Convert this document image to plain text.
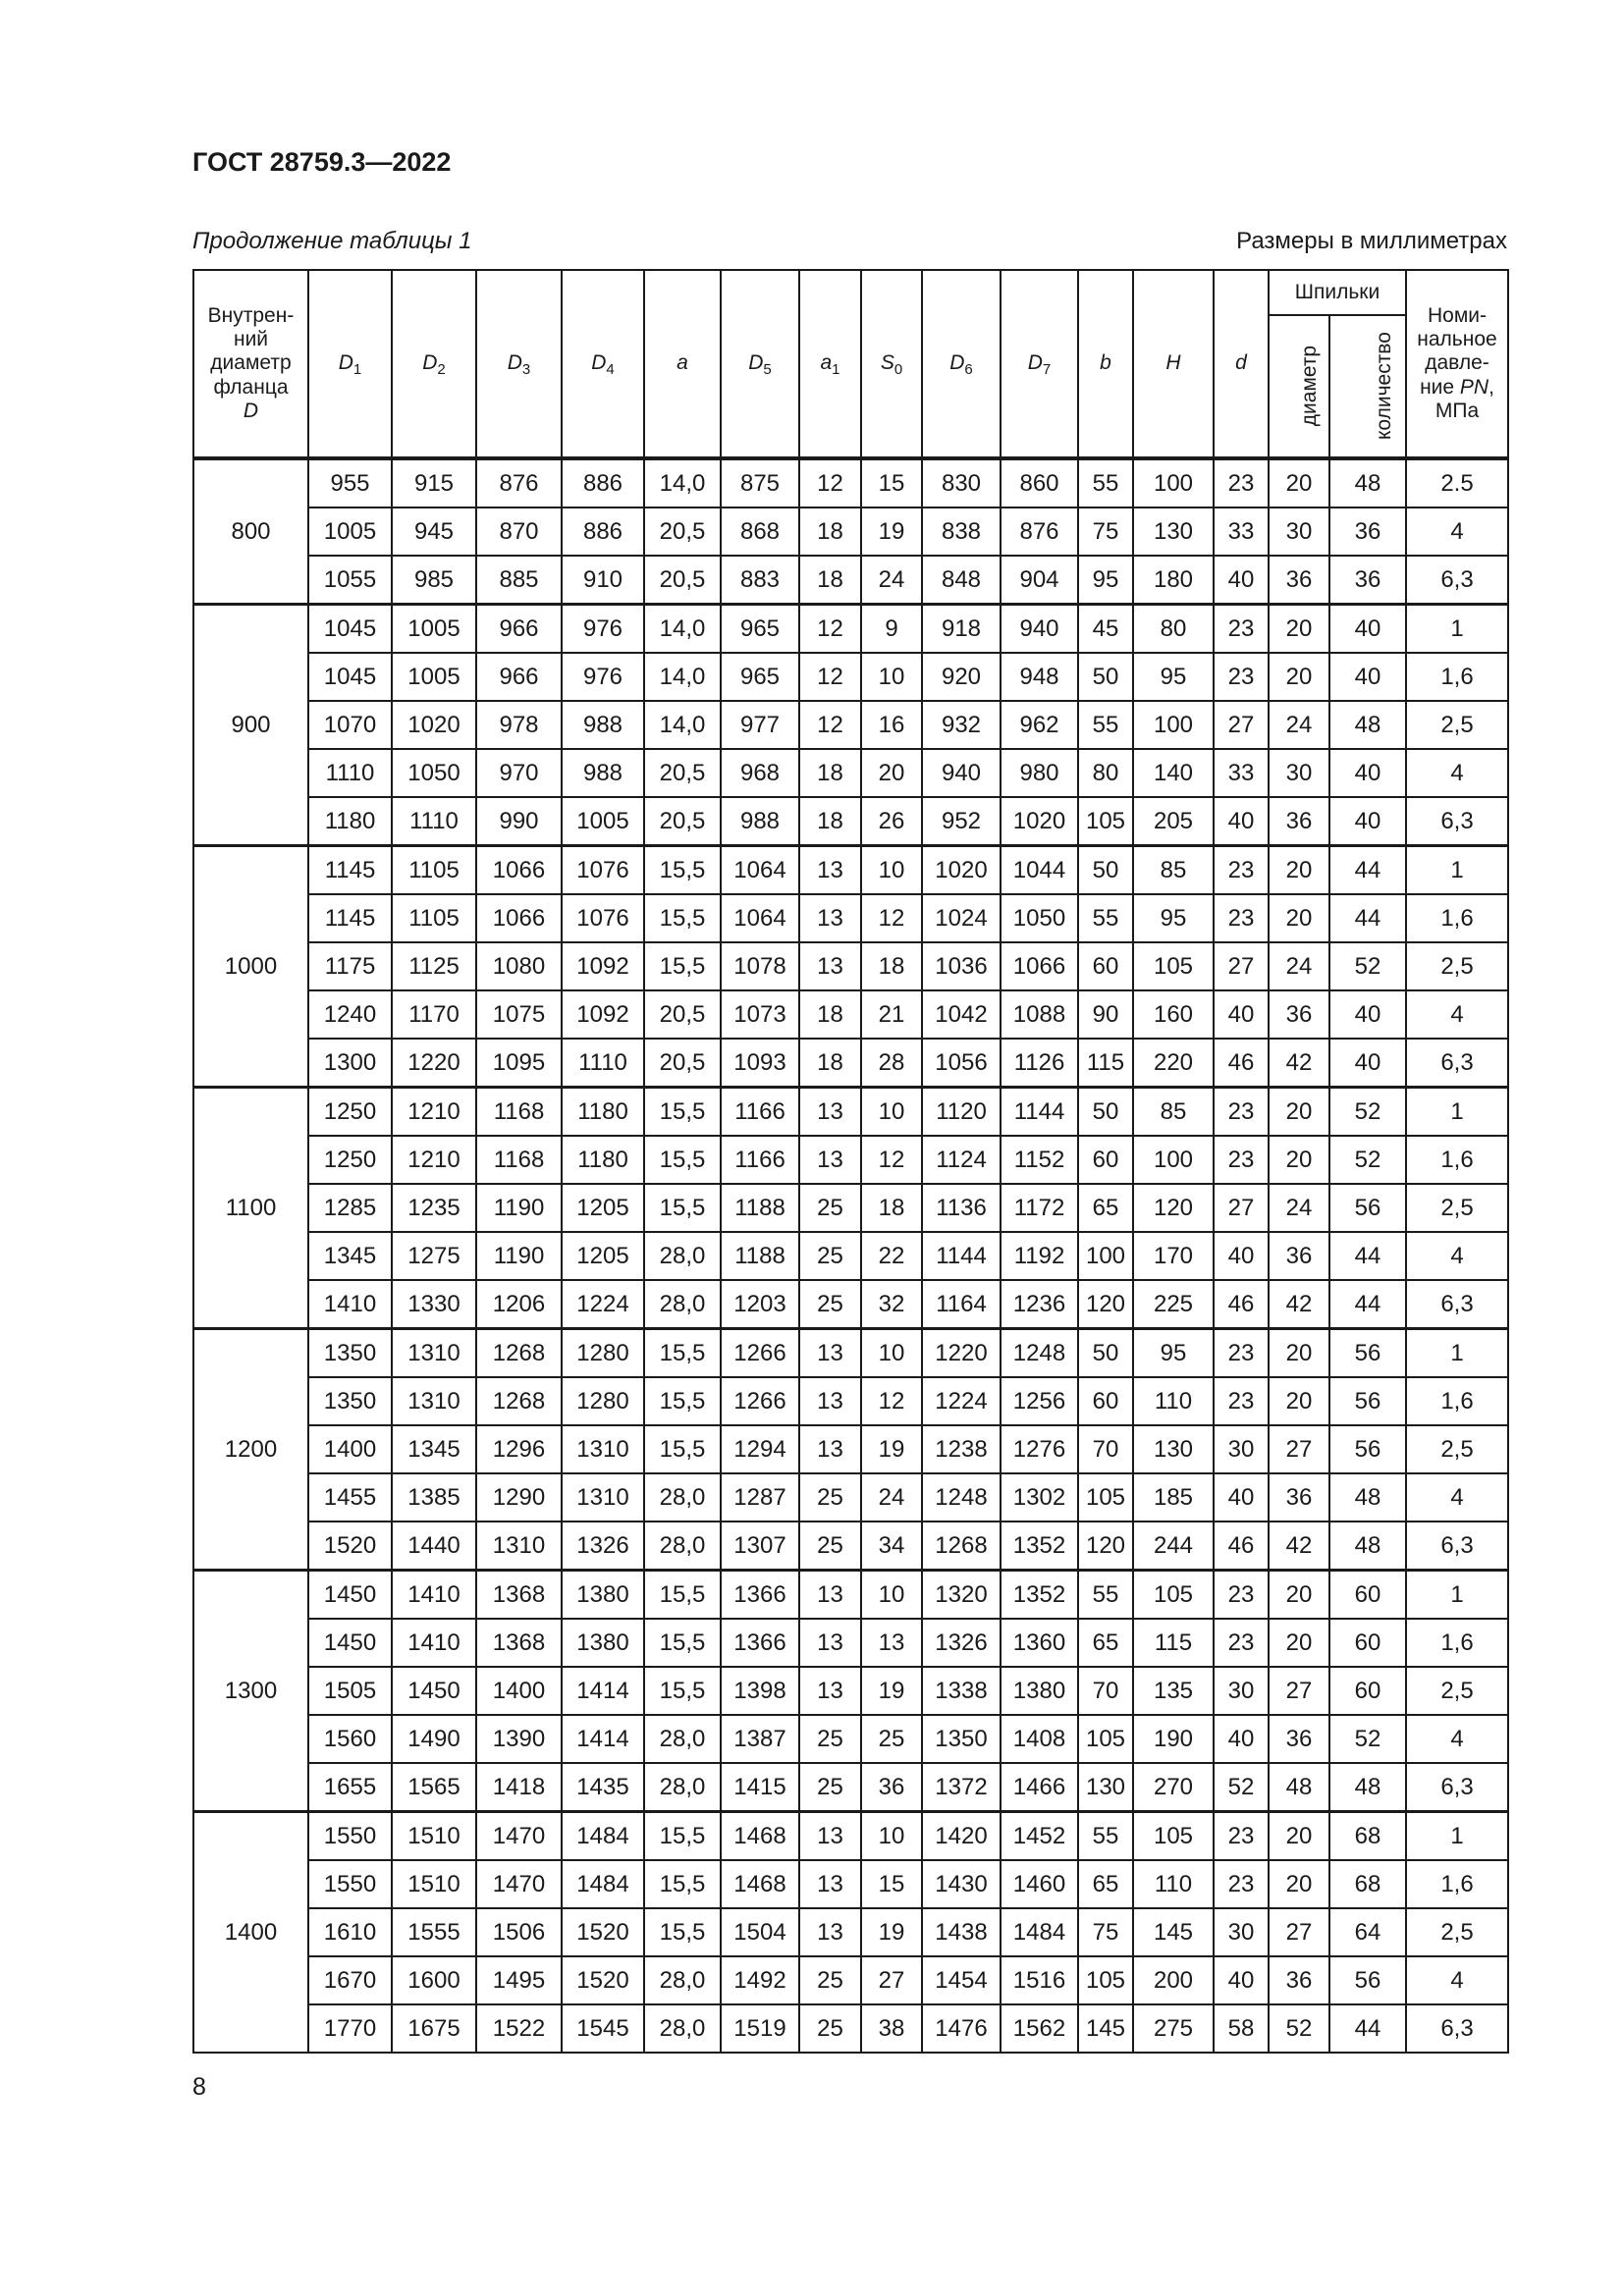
ГОСТ 28759.3—2022
Продолжение таблицы 1	Размеры в миллиметрах
Внутрен-
ний
диаметр
фланца
D	$D_1$	$D_2$	$D_3$	$D_4$	a	$D_5$	$a_1$	$S_0$	$D_6$	$D_7$	b	H	d	Шпильки		Номи-
нальное
давле-
ние PN,
МПа
														диаметр	количество	
800	955	915	876	886	14,0	875	12	15	830	860	55	100	23	20	48	2.5
	1005	945	870	886	20,5	868	18	19	838	876	75	130	33	30	36	4
	1055	985	885	910	20,5	883	18	24	848	904	95	180	40	36	36	6,3
900	1045	1005	966	976	14,0	965	12	9	918	940	45	80	23	20	40	1
	1045	1005	966	976	14,0	965	12	10	920	948	50	95	23	20	40	1,6
	1070	1020	978	988	14,0	977	12	16	932	962	55	100	27	24	48	2,5
	1110	1050	970	988	20,5	968	18	20	940	980	80	140	33	30	40	4
	1180	1110	990	1005	20,5	988	18	26	952	1020	105	205	40	36	40	6,3
1000	1145	1105	1066	1076	15,5	1064	13	10	1020	1044	50	85	23	20	44	1
	1145	1105	1066	1076	15,5	1064	13	12	1024	1050	55	95	23	20	44	1,6
	1175	1125	1080	1092	15,5	1078	13	18	1036	1066	60	105	27	24	52	2,5
	1240	1170	1075	1092	20,5	1073	18	21	1042	1088	90	160	40	36	40	4
	1300	1220	1095	1110	20,5	1093	18	28	1056	1126	115	220	46	42	40	6,3
1100	1250	1210	1168	1180	15,5	1166	13	10	1120	1144	50	85	23	20	52	1
	1250	1210	1168	1180	15,5	1166	13	12	1124	1152	60	100	23	20	52	1,6
	1285	1235	1190	1205	15,5	1188	25	18	1136	1172	65	120	27	24	56	2,5
	1345	1275	1190	1205	28,0	1188	25	22	1144	1192	100	170	40	36	44	4
	1410	1330	1206	1224	28,0	1203	25	32	1164	1236	120	225	46	42	44	6,3
1200	1350	1310	1268	1280	15,5	1266	13	10	1220	1248	50	95	23	20	56	1
	1350	1310	1268	1280	15,5	1266	13	12	1224	1256	60	110	23	20	56	1,6
	1400	1345	1296	1310	15,5	1294	13	19	1238	1276	70	130	30	27	56	2,5
	1455	1385	1290	1310	28,0	1287	25	24	1248	1302	105	185	40	36	48	4
	1520	1440	1310	1326	28,0	1307	25	34	1268	1352	120	244	46	42	48	6,3
1300	1450	1410	1368	1380	15,5	1366	13	10	1320	1352	55	105	23	20	60	1
	1450	1410	1368	1380	15,5	1366	13	13	1326	1360	65	115	23	20	60	1,6
	1505	1450	1400	1414	15,5	1398	13	19	1338	1380	70	135	30	27	60	2,5
	1560	1490	1390	1414	28,0	1387	25	25	1350	1408	105	190	40	36	52	4
	1655	1565	1418	1435	28,0	1415	25	36	1372	1466	130	270	52	48	48	6,3
1400	1550	1510	1470	1484	15,5	1468	13	10	1420	1452	55	105	23	20	68	1
	1550	1510	1470	1484	15,5	1468	13	15	1430	1460	65	110	23	20	68	1,6
	1610	1555	1506	1520	15,5	1504	13	19	1438	1484	75	145	30	27	64	2,5
	1670	1600	1495	1520	28,0	1492	25	27	1454	1516	105	200	40	36	56	4
	1770	1675	1522	1545	28,0	1519	25	38	1476	1562	145	275	58	52	44	6,3
8
